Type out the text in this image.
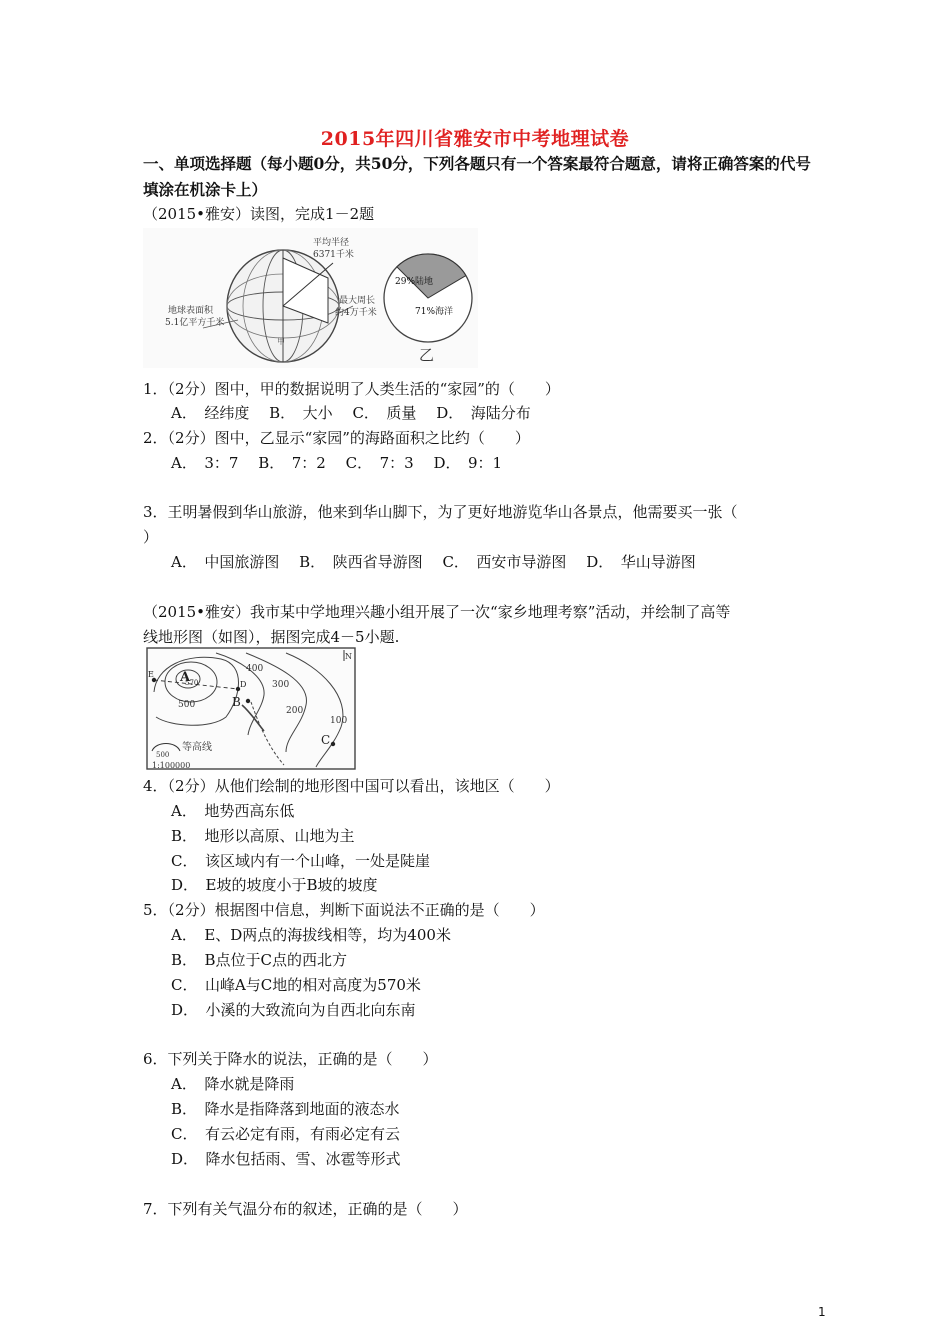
2015年四川省雅安市中考地理试卷
一、单项选择题（每小题0分，共50分，下列各题只有一个答案最符合题意，请将正确答案的代号填涂在机涂卡上）
（2015•雅安）读图，完成1－2题
平均半径
6371千米
地球表面积
5.1亿平方千米
最大周长
约4万千米
甲
29%陆地
71%海洋
乙
1．（2分）图中，甲的数据说明了人类生活的“家园”的（　　）
A．　经纬度 B．　大小 C．　质量 D．　海陆分布
2．（2分）图中，乙显示“家园”的海路面积之比约（　　）
A．　3：7 B．　7：2 C．　7：3 D．　9：1
3．王明暑假到华山旅游，他来到华山脚下，为了更好地游览华山各景点，他需要买一张（
）
A．　中国旅游图 B．　陕西省导游图 C．　西安市导游图 D．　华山导游图
（2015•雅安）我市某中学地理兴趣小组开展了一次“家乡地理考察”活动，并绘制了高等
线地形图（如图），据图完成4－5小题.
A
570
B
C
E
D
400
300
200
100
500
N
500
等高线
1:100000
4．（2分）从他们绘制的地形图中国可以看出，该地区（　　）
A．　地势西高东低
B．　地形以高原、山地为主
C．　该区域内有一个山峰，一处是陡崖
D．　E坡的坡度小于B坡的坡度
5．（2分）根据图中信息，判断下面说法不正确的是（　　）
A．　E、D两点的海拔线相等，均为400米
B．　B点位于C点的西北方
C．　山峰A与C地的相对高度为570米
D．　小溪的大致流向为自西北向东南
6．下列关于降水的说法，正确的是（　　）
A．　降水就是降雨
B．　降水是指降落到地面的液态水
C．　有云必定有雨，有雨必定有云
D．　降水包括雨、雪、冰雹等形式
7．下列有关气温分布的叙述，正确的是（　　）
1
